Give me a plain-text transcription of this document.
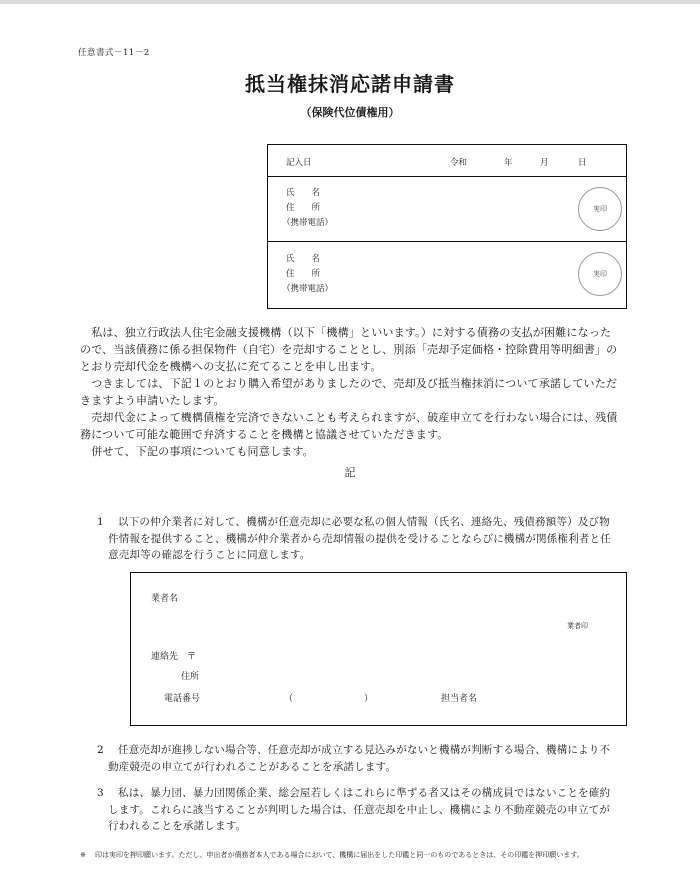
任意書式－11－2
抵当権抹消応諾申請書
（保険代位債権用）
記入日	令和	年	月	日
氏　　名
住　　所
（携帯電話）
実印
氏　　名
住　　所
（携帯電話）
実印

　私は、独立行政法人住宅金融支援機構（以下「機構」といいます。）に対する債務の支払が困難になったので、当該債務に係る担保物件（自宅）を売却することとし、別添「売却予定価格・控除費用等明細書」のとおり売却代金を機構への支払に充てることを申し出ます。

　つきましては、下記１のとおり購入希望がありましたので、売却及び抵当権抹消について承諾していただきますよう申請いたします。

　売却代金によって機構債権を完済できないことも考えられますが、破産申立てを行わない場合には、残債務について可能な範囲で弁済することを機構と協議させていただきます。

　併せて、下記の事項についても同意します。

記
1	以下の仲介業者に対して、機構が任意売却に必要な私の個人情報（氏名、連絡先、残債務額等）及び物件情報を提供すること、機構が仲介業者から売却情報の提供を受けることならびに機構が関係権利者と任意売却等の確認を行うことに同意します。
業者名
業者印
連絡先　〒
住所
電話番号	（	）	担当者名
2	任意売却が進捗しない場合等、任意売却が成立する見込みがないと機構が判断する場合、機構により不動産競売の申立てが行われることがあることを承諾します。
3	私は、暴力団、暴力団関係企業、総会屋若しくはこれらに準ずる者又はその構成員ではないことを確約します。これらに該当することが判明した場合は、任意売却を中止し、機構により不動産競売の申立てが行われることを承諾します。
※ 印は実印を押印願います。ただし、申出者が債務者本人である場合において、機構に届出をした印鑑と同一のものであるときは、その印鑑を押印願います。
